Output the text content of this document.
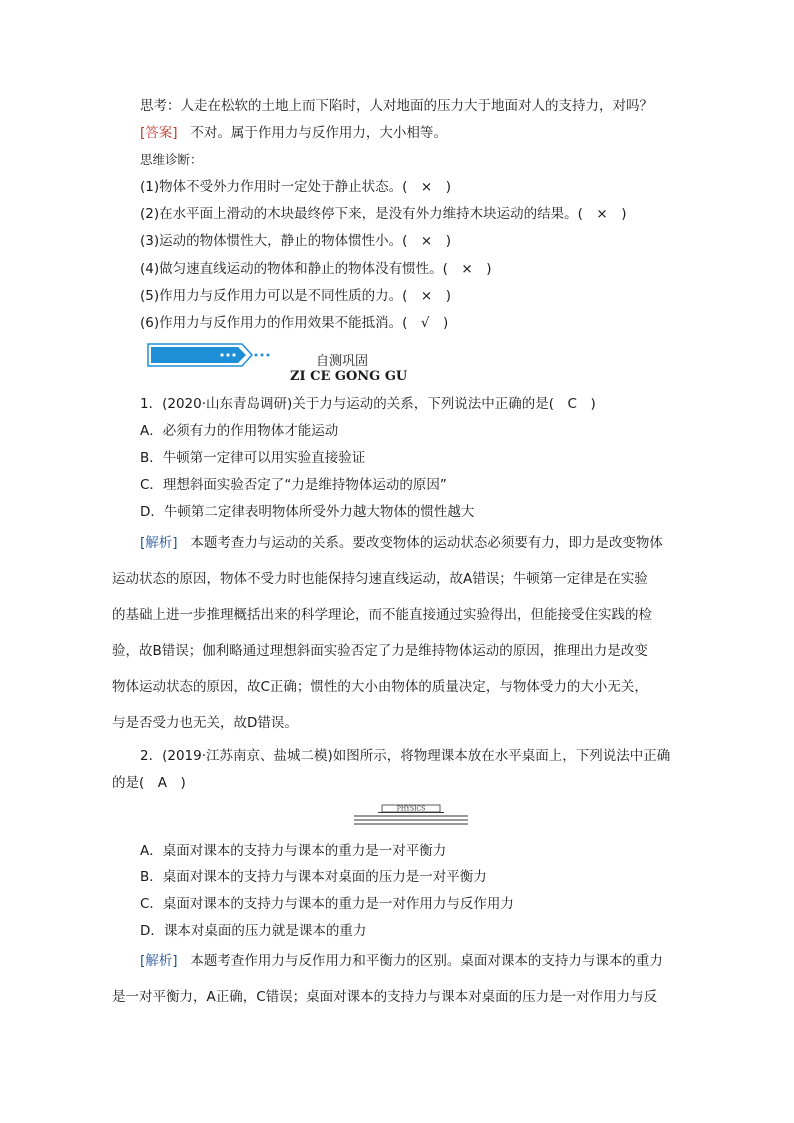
思考：人走在松软的土地上而下陷时，人对地面的压力大于地面对人的支持力，对吗？
[答案] 不对。属于作用力与反作用力，大小相等。
思维诊断：
(1)物体不受外力作用时一定处于静止状态。(　×　)
(2)在水平面上滑动的木块最终停下来，是没有外力维持木块运动的结果。(　×　)
(3)运动的物体惯性大，静止的物体惯性小。(　×　)
(4)做匀速直线运动的物体和静止的物体没有惯性。(　×　)
(5)作用力与反作用力可以是不同性质的力。(　×　)
(6)作用力与反作用力的作用效果不能抵消。(　√　)
自测巩固
ZI CE GONG GU
1．(2020·山东青岛调研)关于力与运动的关系，下列说法中正确的是(　C　)
A．必须有力的作用物体才能运动
B．牛顿第一定律可以用实验直接验证
C．理想斜面实验否定了“力是维持物体运动的原因”
D．牛顿第二定律表明物体所受外力越大物体的惯性越大
[解析] 本题考查力与运动的关系。要改变物体的运动状态必须要有力，即力是改变物体
运动状态的原因，物体不受力时也能保持匀速直线运动，故A错误；牛顿第一定律是在实验
的基础上进一步推理概括出来的科学理论，而不能直接通过实验得出，但能接受住实践的检
验，故B错误；伽利略通过理想斜面实验否定了力是维持物体运动的原因，推理出力是改变
物体运动状态的原因，故C正确；惯性的大小由物体的质量决定，与物体受力的大小无关，
与是否受力也无关，故D错误。
2．(2019·江苏南京、盐城二模)如图所示，将物理课本放在水平桌面上，下列说法中正确
的是(　A　)
PHYSICS
A．桌面对课本的支持力与课本的重力是一对平衡力
B．桌面对课本的支持力与课本对桌面的压力是一对平衡力
C．桌面对课本的支持力与课本的重力是一对作用力与反作用力
D．课本对桌面的压力就是课本的重力
[解析] 本题考查作用力与反作用力和平衡力的区别。桌面对课本的支持力与课本的重力
是一对平衡力，A正确，C错误；桌面对课本的支持力与课本对桌面的压力是一对作用力与反
